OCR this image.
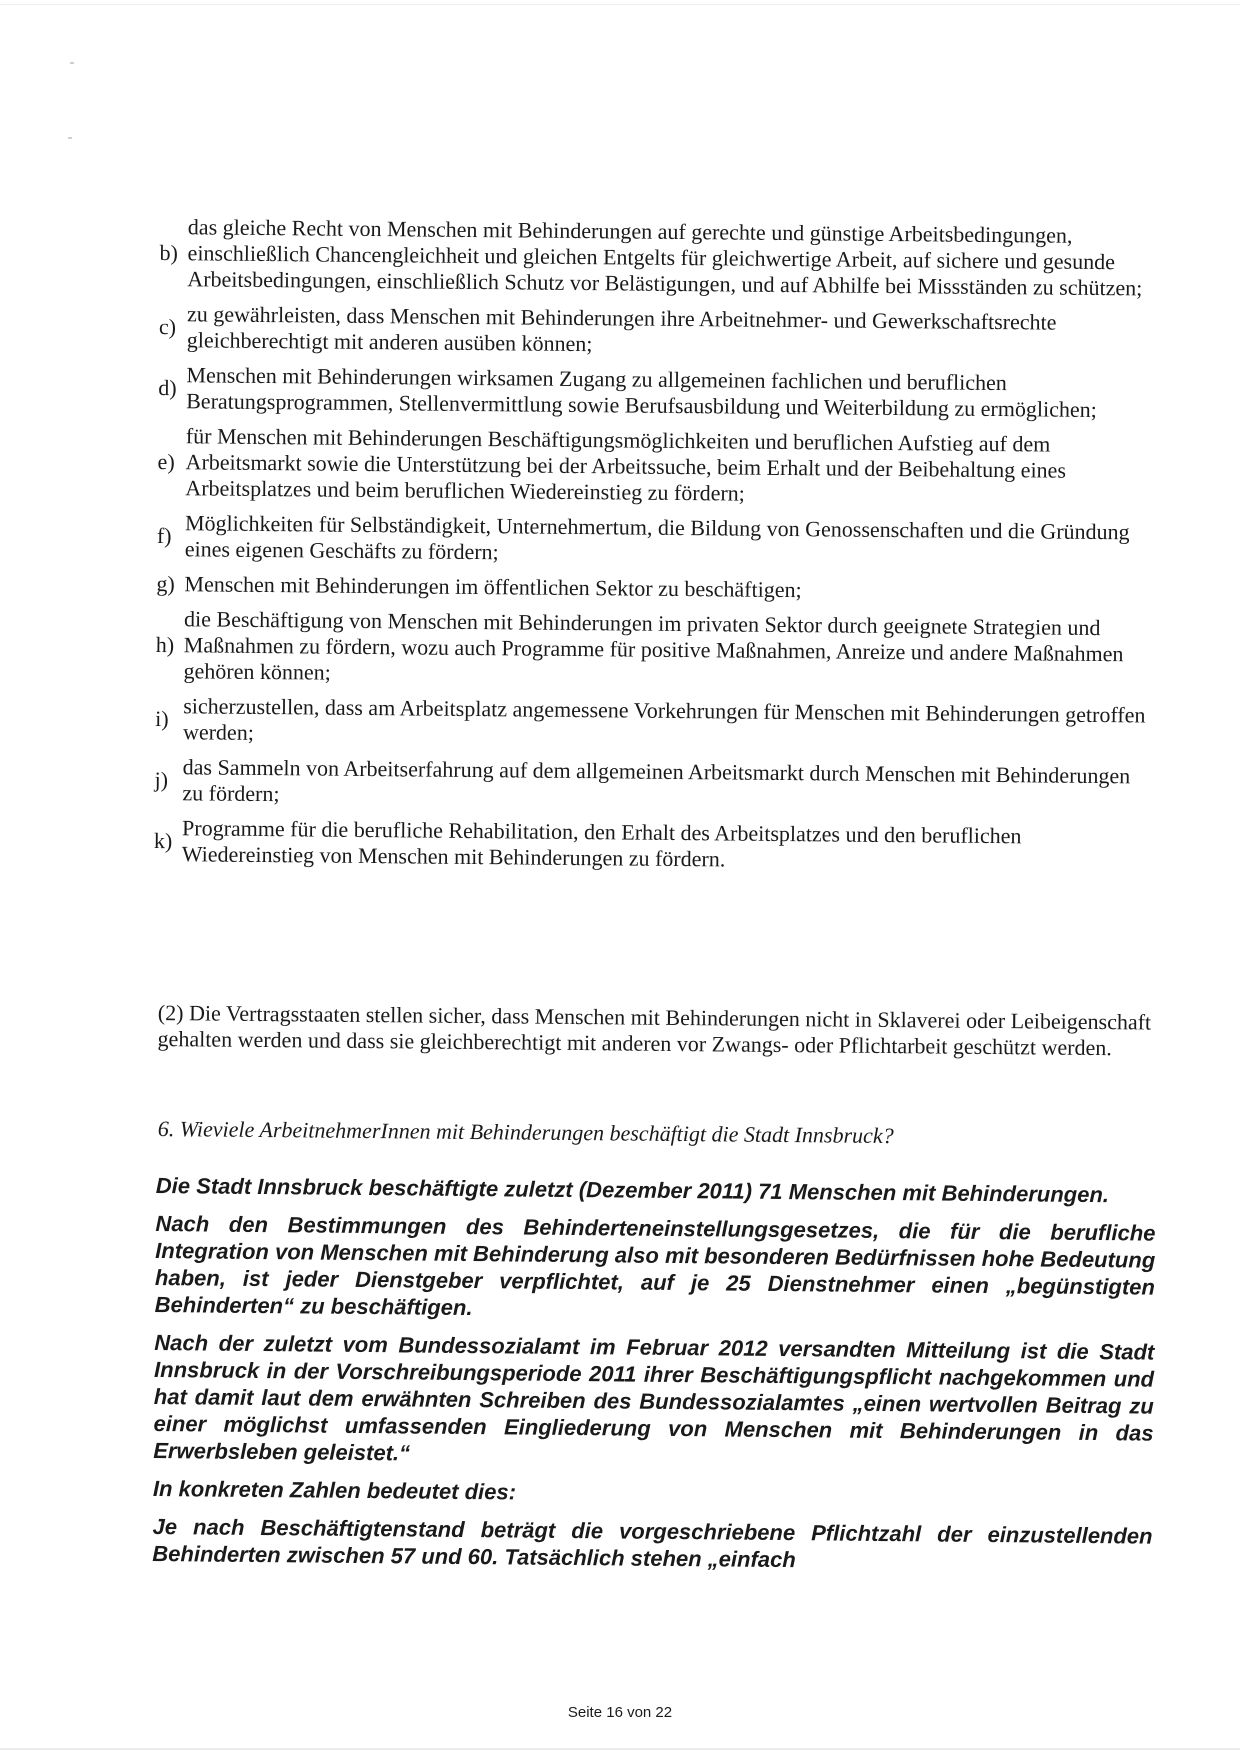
b)
das gleiche Recht von Menschen mit Behinderungen auf gerechte und günstige Arbeitsbedingungen, einschließlich Chancengleichheit und gleichen Entgelts für gleichwertige Arbeit, auf sichere und gesunde Arbeitsbedingungen, einschließlich Schutz vor Belästigungen, und auf Abhilfe bei Missständen zu schützen;
c) zu gewährleisten, dass Menschen mit Behinderungen ihre Arbeitnehmer- und Gewerkschaftsrechte gleichberechtigt mit anderen ausüben können;
d) Menschen mit Behinderungen wirksamen Zugang zu allgemeinen fachlichen und beruflichen Beratungsprogrammen, Stellenvermittlung sowie Berufsausbildung und Weiterbildung zu ermöglichen;
e)
für Menschen mit Behinderungen Beschäftigungsmöglichkeiten und beruflichen Aufstieg auf dem Arbeitsmarkt sowie die Unterstützung bei der Arbeitssuche, beim Erhalt und der Beibehaltung eines Arbeitsplatzes und beim beruflichen Wiedereinstieg zu fördern;
f) Möglichkeiten für Selbständigkeit, Unternehmertum, die Bildung von Genossenschaften und die Gründung eines eigenen Geschäfts zu fördern;
g) Menschen mit Behinderungen im öffentlichen Sektor zu beschäftigen;
h)
die Beschäftigung von Menschen mit Behinderungen im privaten Sektor durch geeignete Strategien und Maßnahmen zu fördern, wozu auch Programme für positive Maßnahmen, Anreize und andere Maßnahmen gehören können;
i) sicherzustellen, dass am Arbeitsplatz angemessene Vorkehrungen für Menschen mit Behinderungen getroffen werden;
j) das Sammeln von Arbeitserfahrung auf dem allgemeinen Arbeitsmarkt durch Menschen mit Behinderungen zu fördern;
k) Programme für die berufliche Rehabilitation, den Erhalt des Arbeitsplatzes und den beruflichen Wiedereinstieg von Menschen mit Behinderungen zu fördern.
(2) Die Vertragsstaaten stellen sicher, dass Menschen mit Behinderungen nicht in Sklaverei oder Leibeigenschaft gehalten werden und dass sie gleichberechtigt mit anderen vor Zwangs- oder Pflichtarbeit geschützt werden.
6. Wieviele ArbeitnehmerInnen mit Behinderungen beschäftigt die Stadt Innsbruck?

Die Stadt Innsbruck beschäftigte zuletzt (Dezember 2011) 71 Menschen mit Behinderungen.

Nach den Bestimmungen des Behinderteneinstellungsgesetzes, die für die berufliche Integration von Menschen mit Behinderung also mit besonderen Bedürfnissen hohe Bedeutung haben, ist jeder Dienstgeber verpflichtet, auf je 25 Dienstnehmer einen „begünstigten Behinderten“ zu beschäftigen.

Nach der zuletzt vom Bundessozialamt im Februar 2012 versandten Mitteilung ist die Stadt Innsbruck in der Vorschreibungsperiode 2011 ihrer Beschäftigungspflicht nachgekommen und hat damit laut dem erwähnten Schreiben des Bundessozialamtes „einen wertvollen Beitrag zu einer möglichst umfassenden Eingliederung von Menschen mit Behinderungen in das Erwerbsleben geleistet.“

In konkreten Zahlen bedeutet dies:

Je nach Beschäftigtenstand beträgt die vorgeschriebene Pflichtzahl der einzustellenden Behinderten zwischen 57 und 60. Tatsächlich stehen „einfach

Seite 16 von 22
